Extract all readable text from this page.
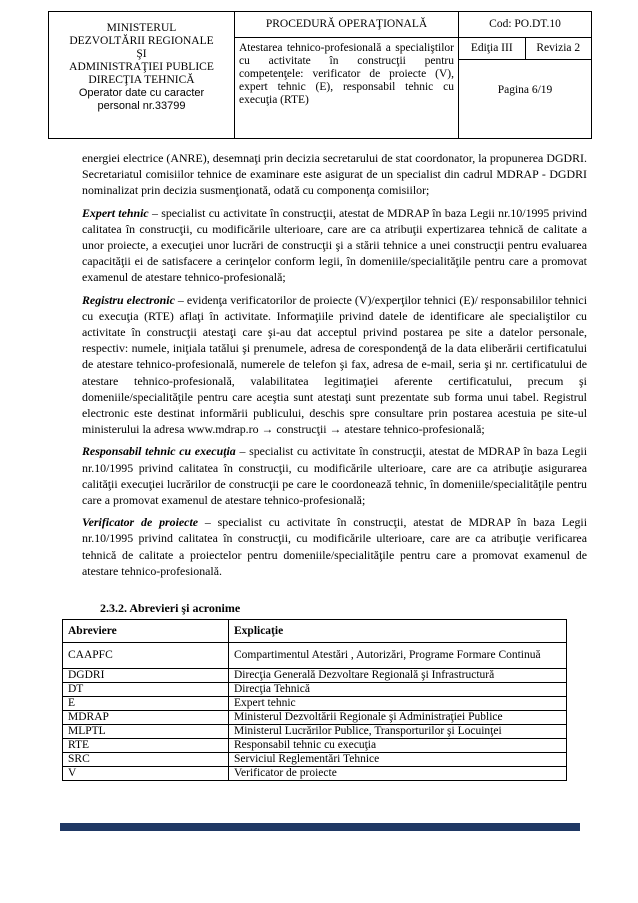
MINISTERUL
DEZVOLTĂRII REGIONALE
ŞI
ADMINISTRAŢIEI PUBLICE
DIRECŢIA TEHNICĂ
Operator date cu caracter
personal nr.33799
PROCEDURĂ OPERAŢIONALĂ
Atestarea tehnico-profesională a specialiştilor cu activitate în construcţii pentru competenţele: verificator de proiecte (V), expert tehnic (E), responsabil tehnic cu execuţia (RTE)
Cod: PO.DT.10
Ediţia III	Revizia 2
Pagina 6/19

energiei electrice (ANRE), desemnaţi prin decizia secretarului de stat coordonator, la propunerea DGDRI. Secretariatul comisiilor tehnice de examinare este asigurat de un specialist din cadrul MDRAP - DGDRI nominalizat prin decizia susmenţionată, odată cu componenţa comisiilor;

Expert tehnic – specialist cu activitate în construcţii, atestat de MDRAP în baza Legii nr.10/1995 privind calitatea în construcţii, cu modificările ulterioare, care are ca atribuţii expertizarea tehnică de calitate a unor proiecte, a execuţiei unor lucrări de construcţii şi a stării tehnice a unei construcţii pentru evaluarea capacităţii ei de satisfacere a cerinţelor conform legii, în domeniile/specialităţile pentru care a promovat examenul de atestare tehnico-profesională;

Registru electronic – evidenţa verificatorilor de proiecte (V)/experţilor tehnici (E)/ responsabililor tehnici cu execuţia (RTE) aflaţi în activitate. Informaţiile privind datele de identificare ale specialiştilor cu activitate în construcţii atestaţi care şi-au dat acceptul privind postarea pe site a datelor personale, respectiv: numele, iniţiala tatălui şi prenumele, adresa de corespondenţă de la data eliberării certificatului de atestare tehnico-profesională, numerele de telefon şi fax, adresa de e-mail, seria şi nr. certificatului de atestare tehnico-profesională, valabilitatea legitimaţiei aferente certificatului, precum şi domeniile/specialităţile pentru care aceştia sunt atestaţi sunt prezentate sub forma unui tabel. Registrul electronic este destinat informării publicului, deschis spre consultare prin postarea acestuia pe site-ul ministerului la adresa www.mdrap.ro → construcţii → atestare tehnico-profesională;

Responsabil tehnic cu execuţia – specialist cu activitate în construcţii, atestat de MDRAP în baza Legii nr.10/1995 privind calitatea în construcţii, cu modificările ulterioare, care are ca atribuţie asigurarea calităţii execuţiei lucrărilor de construcţii pe care le coordonează tehnic, în domeniile/specialităţile pentru care a promovat examenul de atestare tehnico-profesională;

Verificator de proiecte – specialist cu activitate în construcţii, atestat de MDRAP în baza Legii nr.10/1995 privind calitatea în construcţii, cu modificările ulterioare, care are ca atribuţie verificarea tehnică de calitate a proiectelor pentru domeniile/specialităţile pentru care a promovat examenul de atestare tehnico-profesională.

2.3.2. Abrevieri şi acronime
Abreviere	Explicaţie
CAAPFC	Compartimentul Atestări , Autorizări, Programe Formare Continuă
DGDRI	Direcţia Generală Dezvoltare Regională şi Infrastructură
DT	Direcţia Tehnică
E	Expert tehnic
MDRAP	Ministerul Dezvoltării Regionale şi Administraţiei Publice
MLPTL	Ministerul Lucrărilor Publice, Transporturilor şi Locuinţei
RTE	Responsabil tehnic cu execuţia
SRC	Serviciul Reglementări Tehnice
V	Verificator de proiecte
